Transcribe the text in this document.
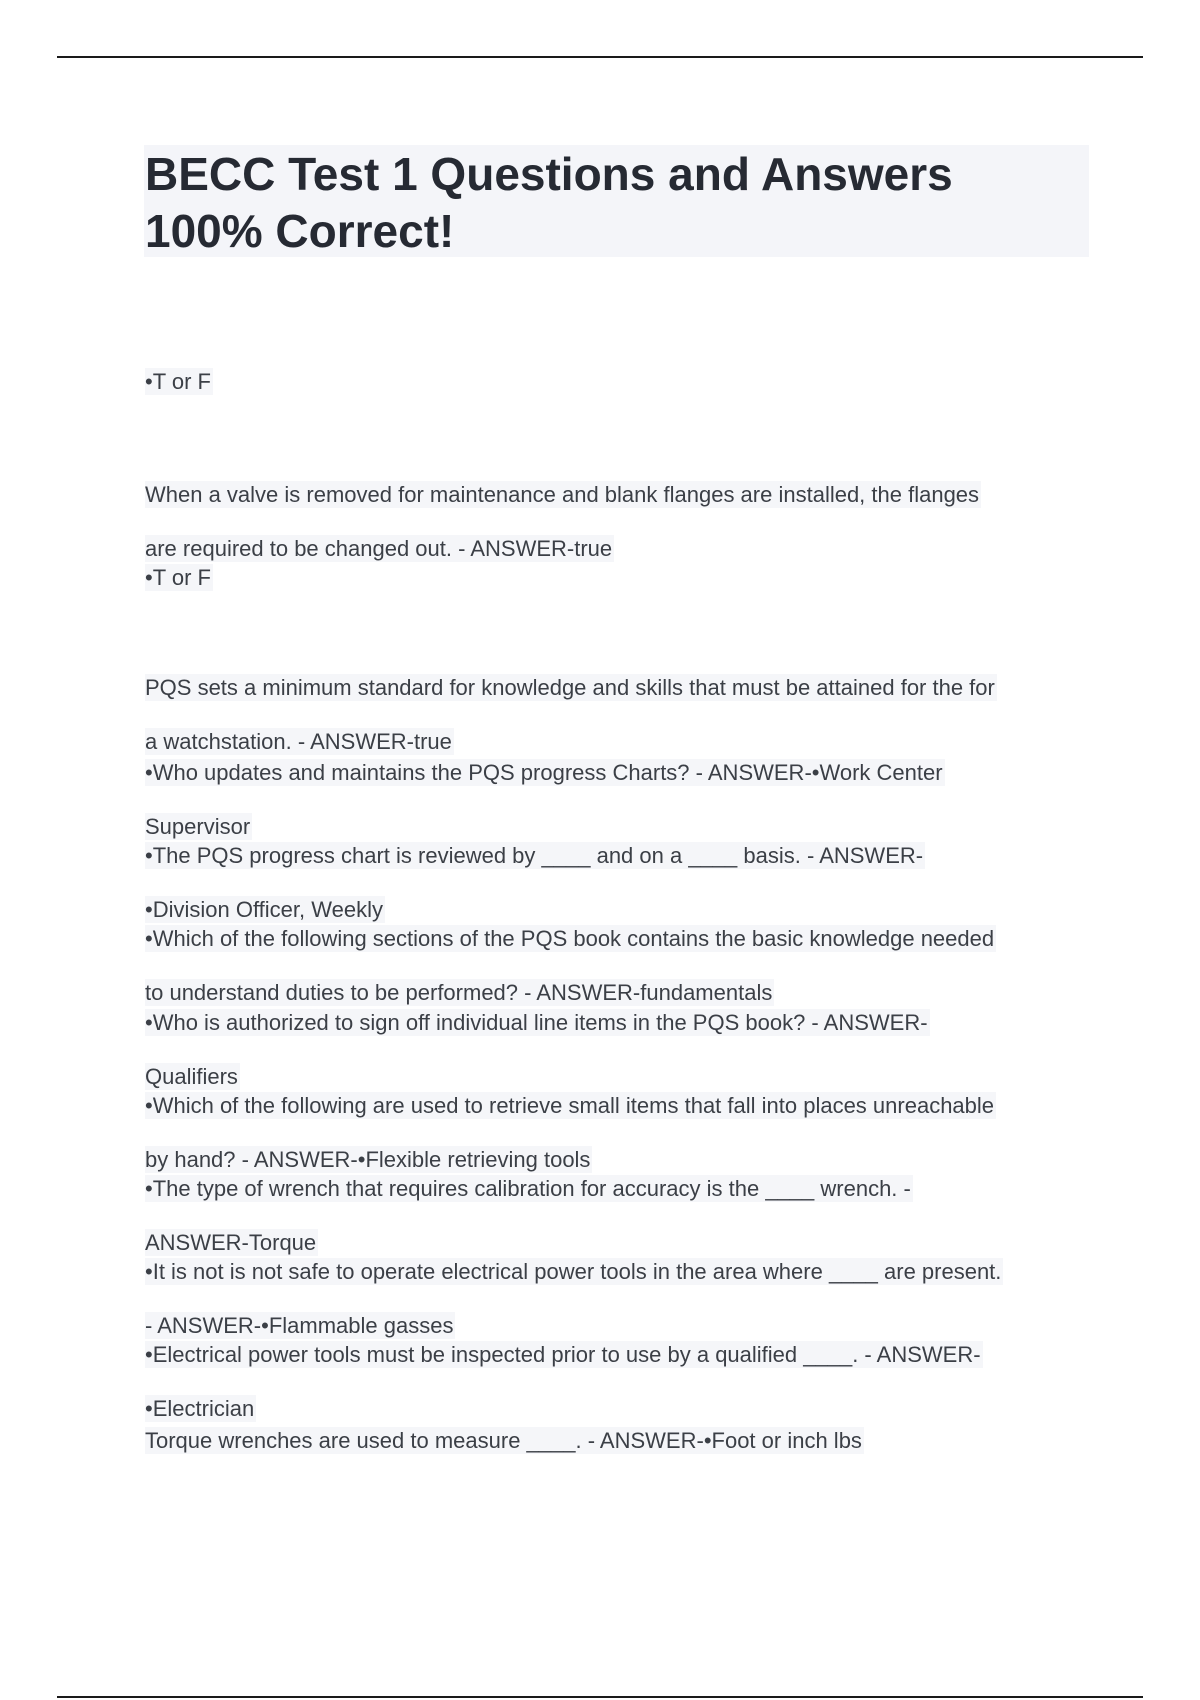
BECC Test 1 Questions and Answers
100% Correct!

•T or F

When a valve is removed for maintenance and blank flanges are installed, the flanges

are required to be changed out. - ANSWER-true

•T or F

PQS sets a minimum standard for knowledge and skills that must be attained for the for

a watchstation. - ANSWER-true

•Who updates and maintains the PQS progress Charts? - ANSWER-•Work Center

Supervisor

•The PQS progress chart is reviewed by ____ and on a ____ basis. - ANSWER-

•Division Officer, Weekly

•Which of the following sections of the PQS book contains the basic knowledge needed

to understand duties to be performed? - ANSWER-fundamentals

•Who is authorized to sign off individual line items in the PQS book? - ANSWER-

Qualifiers

•Which of the following are used to retrieve small items that fall into places unreachable

by hand? - ANSWER-•Flexible retrieving tools

•The type of wrench that requires calibration for accuracy is the ____ wrench. -

ANSWER-Torque

•It is not is not safe to operate electrical power tools in the area where ____ are present.

- ANSWER-•Flammable gasses

•Electrical power tools must be inspected prior to use by a qualified ____. - ANSWER-

•Electrician

Torque wrenches are used to measure ____. - ANSWER-•Foot or inch lbs
